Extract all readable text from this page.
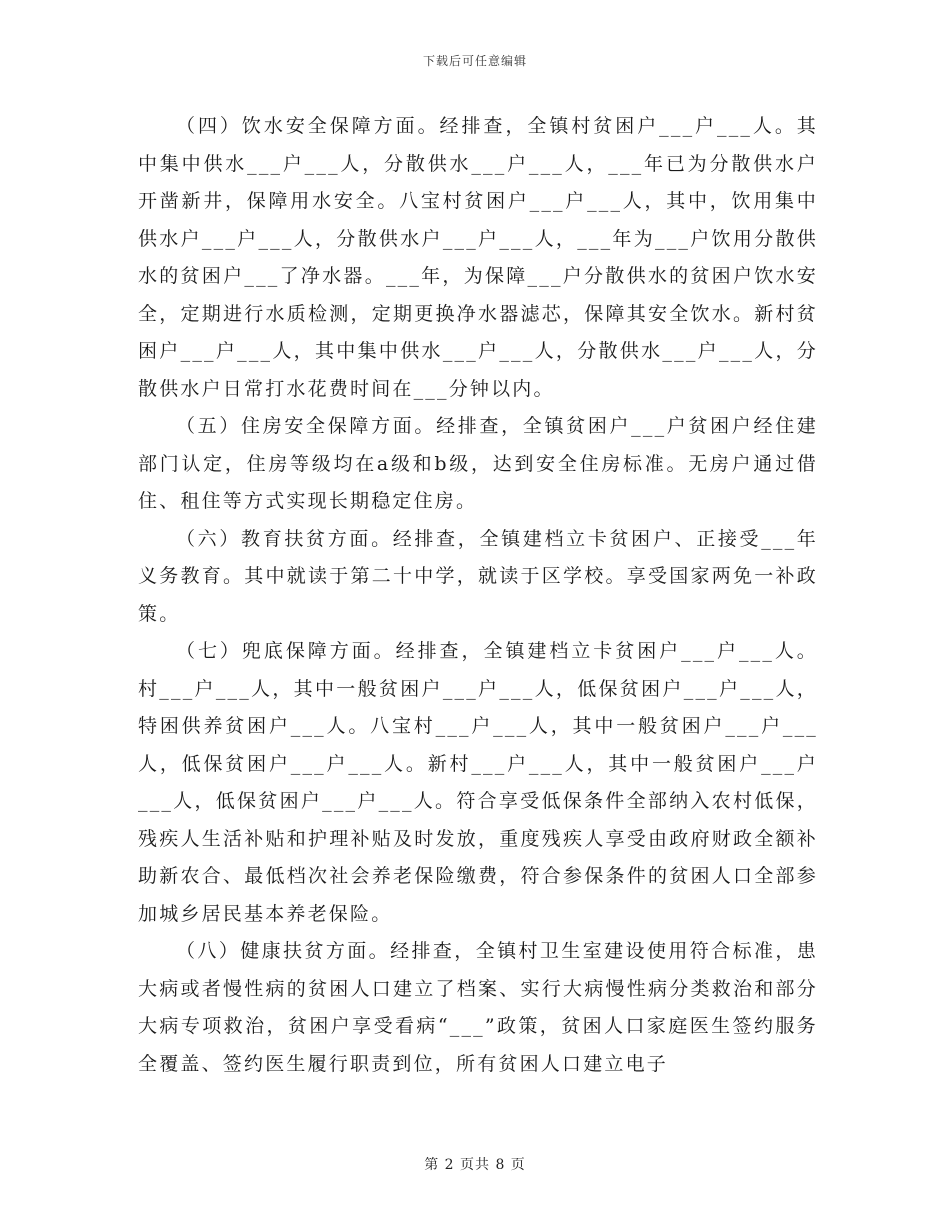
下载后可任意编辑

（四）饮水安全保障方面。经排查，全镇村贫困户___户___人。其中集中供水___户___人，分散供水___户___人，___年已为分散供水户开凿新井，保障用水安全。八宝村贫困户___户___人，其中，饮用集中供水户___户___人，分散供水户___户___人，___年为___户饮用分散供水的贫困户___了净水器。___年，为保障___户分散供水的贫困户饮水安全，定期进行水质检测，定期更换净水器滤芯，保障其安全饮水。新村贫困户___户___人，其中集中供水___户___人，分散供水___户___人，分散供水户日常打水花费时间在___分钟以内。

（五）住房安全保障方面。经排查，全镇贫困户___户贫困户经住建部门认定，住房等级均在a级和b级，达到安全住房标准。无房户通过借住、租住等方式实现长期稳定住房。

（六）教育扶贫方面。经排查，全镇建档立卡贫困户、正接受___年义务教育。其中就读于第二十中学，就读于区学校。享受国家两免一补政策。

（七）兜底保障方面。经排查，全镇建档立卡贫困户___户___人。村___户___人，其中一般贫困户___户___人，低保贫困户___户___人，特困供养贫困户___人。八宝村___户___人，其中一般贫困户___户___人，低保贫困户___户___人。新村___户___人，其中一般贫困户___户___人，低保贫困户___户___人。符合享受低保条件全部纳入农村低保，残疾人生活补贴和护理补贴及时发放，重度残疾人享受由政府财政全额补助新农合、最低档次社会养老保险缴费，符合参保条件的贫困人口全部参加城乡居民基本养老保险。

（八）健康扶贫方面。经排查，全镇村卫生室建设使用符合标准，患大病或者慢性病的贫困人口建立了档案、实行大病慢性病分类救治和部分大病专项救治，贫困户享受看病“___”政策，贫困人口家庭医生签约服务全覆盖、签约医生履行职责到位，所有贫困人口建立电子

第 2 页共 8 页
